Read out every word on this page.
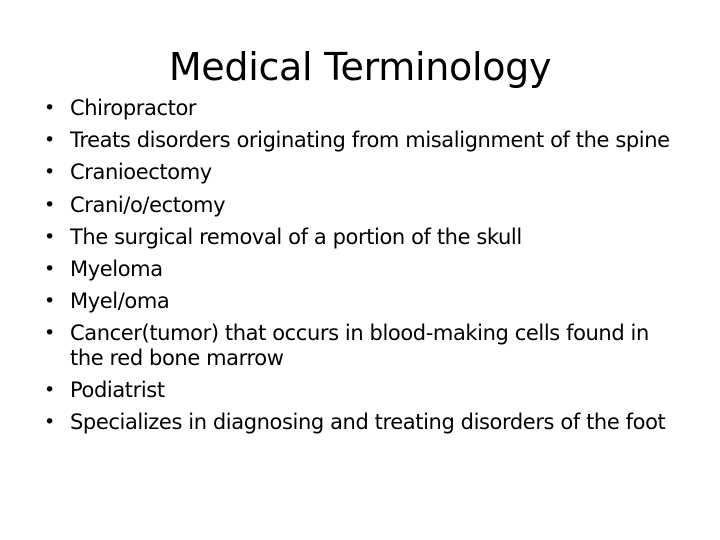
Medical Terminology
• Chiropractor
• Treats disorders originating from misalignment of the spine
• Cranioectomy
• Crani/o/ectomy
• The surgical removal of a portion of the skull
• Myeloma
• Myel/oma
• Cancer(tumor) that occurs in blood-making cells found in the red bone marrow
• Podiatrist
• Specializes in diagnosing and treating disorders of the foot
